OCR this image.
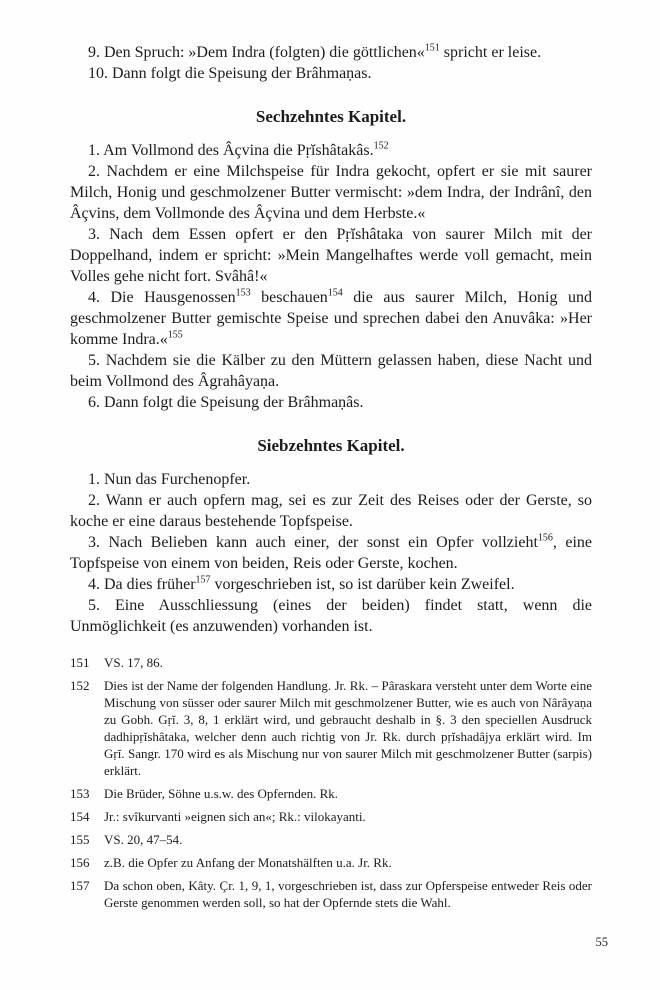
9. Den Spruch: »Dem Indra (folgten) die göttlichen«$^{151}$ spricht er leise.

10. Dann folgt die Speisung der Brâhmaṇas.

Sechzehntes Kapitel.

1. Am Vollmond des Âçvina die Pṛĭshâtakâs.$^{152}$

2. Nachdem er eine Milchspeise für Indra gekocht, opfert er sie mit saurer Milch, Honig und geschmolzener Butter vermischt: »dem Indra, der Indrânî, den Âçvins, dem Vollmonde des Âçvina und dem Herbste.«

3. Nach dem Essen opfert er den Pṛĭshâtaka von saurer Milch mit der Doppelhand, indem er spricht: »Mein Mangelhaftes werde voll gemacht, mein Volles gehe nicht fort. Svâhâ!«

4. Die Hausgenossen$^{153}$ beschauen$^{154}$ die aus saurer Milch, Honig und geschmolzener Butter gemischte Speise und sprechen dabei den Anuvâka: »Her komme Indra.«$^{155}$

5. Nachdem sie die Kälber zu den Müttern gelassen haben, diese Nacht und beim Vollmond des Âgrahâyaṇa.

6. Dann folgt die Speisung der Brâhmaṇâs.

Siebzehntes Kapitel.

1. Nun das Furchenopfer.

2. Wann er auch opfern mag, sei es zur Zeit des Reises oder der Gerste, so koche er eine daraus bestehende Topfspeise.

3. Nach Belieben kann auch einer, der sonst ein Opfer vollzieht$^{156}$, eine Topfspeise von einem von beiden, Reis oder Gerste, kochen.

4. Da dies früher$^{157}$ vorgeschrieben ist, so ist darüber kein Zweifel.

5. Eine Ausschliessung (eines der beiden) findet statt, wenn die Unmöglichkeit (es anzuwenden) vorhanden ist.

151	VS. 17, 86.
152	Dies ist der Name der folgenden Handlung. Jr. Rk. – Pâraskara versteht unter dem Worte eine Mischung von süsser oder saurer Milch mit geschmolzener Butter, wie es auch von Nârâyaṇa zu Gobh. Gṛĭ. 3, 8, 1 erklärt wird, und gebraucht deshalb in §. 3 den speciellen Ausdruck dadhipṛĭshâtaka, welcher denn auch richtig von Jr. Rk. durch pṛĭshadâjya erklärt wird. Im Gṛĭ. Sangr. 170 wird es als Mischung nur von saurer Milch mit geschmolzener Butter (sarpis) erklärt.
153	Die Brüder, Söhne u.s.w. des Opfernden. Rk.
154	Jr.: svîkurvanti »eignen sich an«; Rk.: vilokayanti.
155	VS. 20, 47–54.
156	z.B. die Opfer zu Anfang der Monatshälften u.a. Jr. Rk.
157	Da schon oben, Kâty. Çr. 1, 9, 1, vorgeschrieben ist, dass zur Opferspeise entweder Reis oder Gerste genommen werden soll, so hat der Opfernde stets die Wahl.
55
